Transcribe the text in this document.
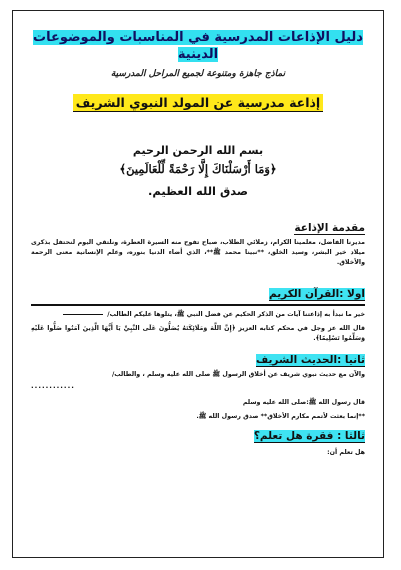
دليل الإذاعات المدرسية في المناسبات والموضوعات الدينية
نماذج جاهزة ومتنوعة لجميع المراحل المدرسية
إذاعة مدرسية عن المولد النبوي الشريف
بسم الله الرحمن الرحيم
﴿وَمَا أَرْسَلْنَاكَ إِلَّا رَحْمَةً لِّلْعَالَمِينَ﴾
صدق الله العظيم.
مقدمة الإذاعة
مديرنا الفاضل، معلمينا الكرام، زملائي الطلاب، صباح تفوح منه السيرة العطرة، ونلتقي اليوم لنحتفل بذكرى ميلاد خير البشر، وسيد الخلق، **نبينا محمد ﷺ**، الذي أضاء الدنيا بنوره، وعلم الإنسانية معنى الرحمة والأخلاق.
اولا :القرآن الكريم
خير ما نبدأ به إذاعتنا آيات من الذكر الحكيم عن فضل النبي ﷺ، يتلوها عليكم الطالب/
قال الله عز وجل في محكم كتابه العزيز ﴿إِنَّ اللَّهَ وَمَلَائِكَتَهُ يُصَلُّونَ عَلَى النَّبِيِّ يَا أَيُّهَا الَّذِينَ آمَنُوا صَلُّوا عَلَيْهِ وَسَلِّمُوا تَسْلِيمًا﴾.
ثانيا :الحديث الشريف
والآن مع حديث نبوي شريف عن أخلاق الرسول ﷺ صلى الله عليه وسلم ، والطالب/
............
قال رسول الله ﷺ:صلى الله عليه وسلم
**إنما بعثت لأتمم مكارم الأخلاق** صدق رسول الله ﷺ.
ثالثا : فقرة هل تعلم؟
هل تعلم أن:
